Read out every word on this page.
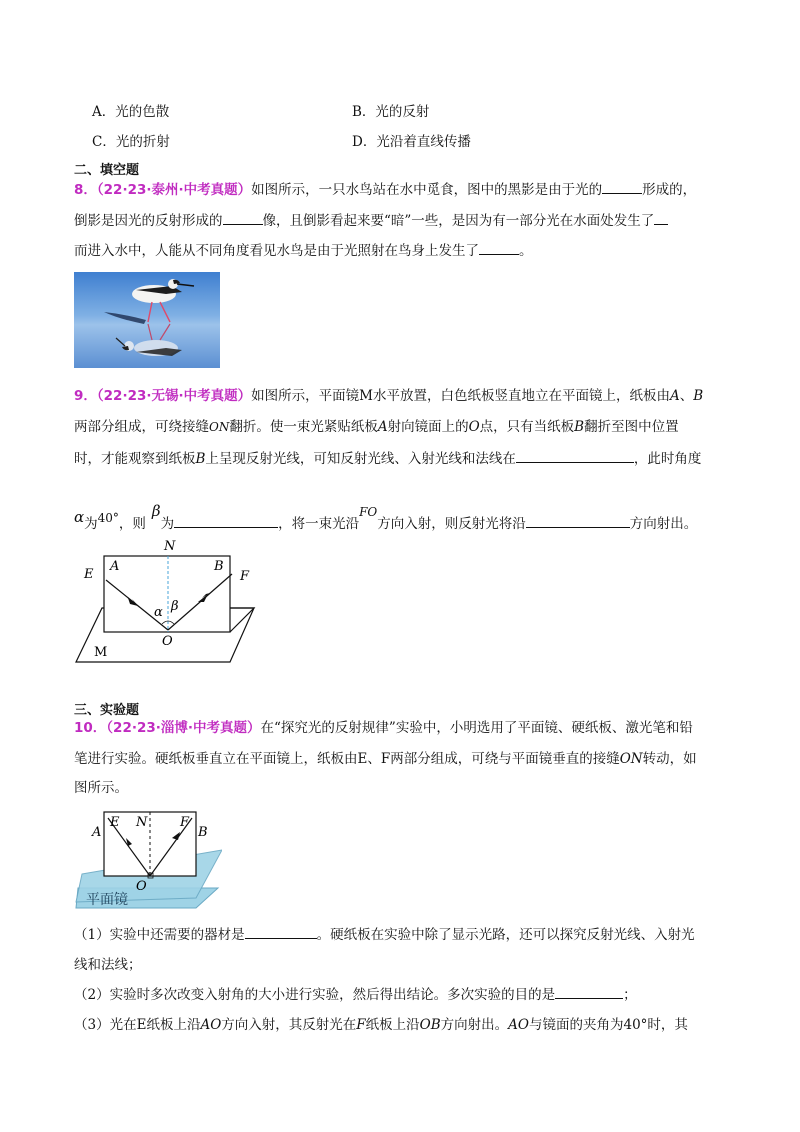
A．光的色散	B．光的反射
C．光的折射	D．光沿着直线传播
二、填空题
8．（22·23·泰州·中考真题）如图所示，一只水鸟站在水中觅食，图中的黑影是由于光的	形成的，
倒影是因光的反射形成的	像，且倒影看起来要“暗”一些，是因为有一部分光在水面处发生了
而进入水中，人能从不同角度看见水鸟是由于光照射在鸟身上发生了	。
9．（22·23·无锡·中考真题）如图所示，平面镜M水平放置，白色纸板竖直地立在平面镜上，纸板由A、B
两部分组成，可绕接缝ON翻折。使一束光紧贴纸板A射向镜面上的O点，只有当纸板B翻折至图中位置
时，才能观察到纸板B上呈现反射光线，可知反射光线、入射光线和法线在	，此时角度
α为40°，则β为	，将一束光沿FO方向入射，则反射光将沿	方向射出。
N
E
A	B
F
α β
O
M
三、实验题
10．（22·23·淄博·中考真题）在“探究光的反射规律”实验中，小明选用了平面镜、硬纸板、激光笔和铅
笔进行实验。硬纸板垂直立在平面镜上，纸板由E、F两部分组成，可绕与平面镜垂直的接缝ON转动，如
图所示。
A
E N	F
B
O
平面镜
（1）实验中还需要的器材是	。硬纸板在实验中除了显示光路，还可以探究反射光线、入射光
线和法线；
（2）实验时多次改变入射角的大小进行实验，然后得出结论。多次实验的目的是	；
（3）光在E纸板上沿AO方向入射，其反射光在F纸板上沿OB方向射出。AO与镜面的夹角为40°时，其
